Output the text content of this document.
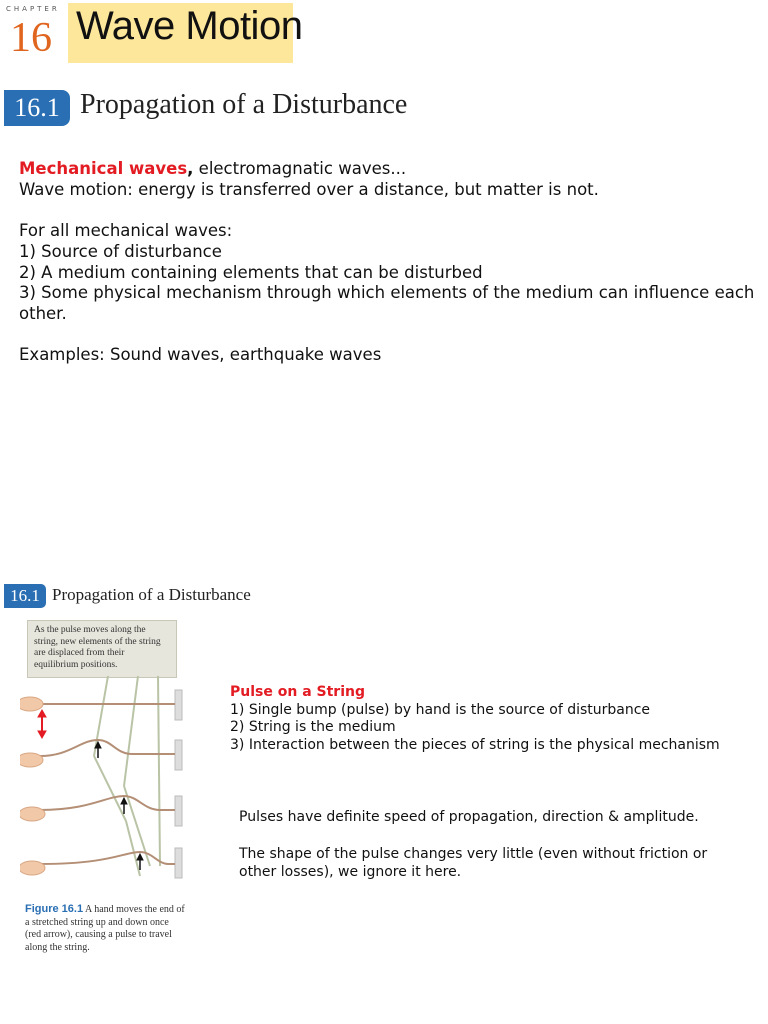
CHAPTER
16 Wave Motion
16.1 Propagation of a Disturbance

Mechanical waves, electromagnatic waves...

Wave motion: energy is transferred over a distance, but matter is not.

For all mechanical waves:

1) Source of disturbance

2) A medium containing elements that can be disturbed

3) Some physical mechanism through which elements of the medium can influence each other.

Examples: Sound waves, earthquake waves

16.1 Propagation of a Disturbance
As the pulse moves along the string, new elements of the string are displaced from their equilibrium positions.
Figure 16.1 A hand moves the end of a stretched string up and down once (red arrow), causing a pulse to travel along the string.

Pulse on a String

1) Single bump (pulse) by hand is the source of disturbance

2) String is the medium

3) Interaction between the pieces of string is the physical mechanism

Pulses have definite speed of propagation, direction & amplitude.

The shape of the pulse changes very little (even without friction or other losses), we ignore it here.
